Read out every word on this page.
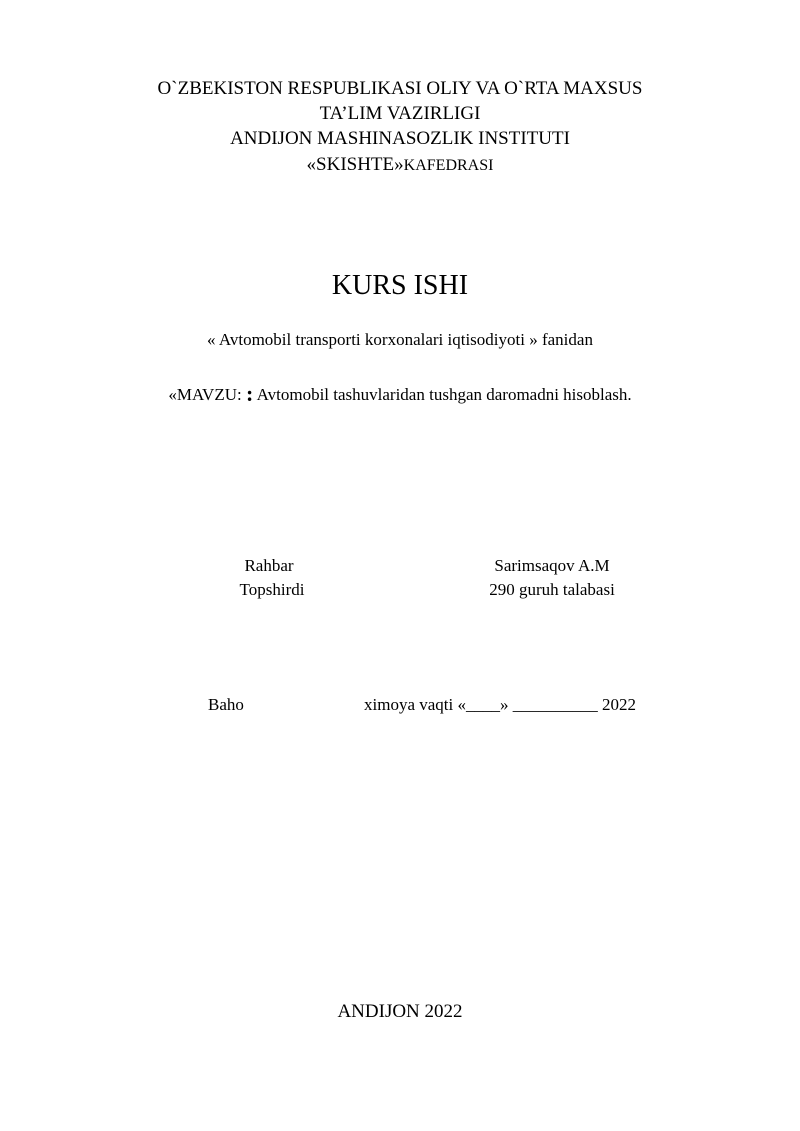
O`ZBEKISTON RESPUBLIKASI OLIY VA O`RTA MAXSUS
TA’LIM VAZIRLIGI
ANDIJON MASHINASOZLIK INSTITUTI
«SKISHTE»KAFEDRASI
KURS ISHI
« Avtomobil transporti korxonalari iqtisodiyoti » fanidan
«MAVZU: : Avtomobil tashuvlaridan tushgan daromadni hisoblash.
Rahbar	Sarimsaqov A.M
Topshirdi	290 guruh talabasi
Baho	ximoya vaqti «____» __________ 2022
ANDIJON 2022
